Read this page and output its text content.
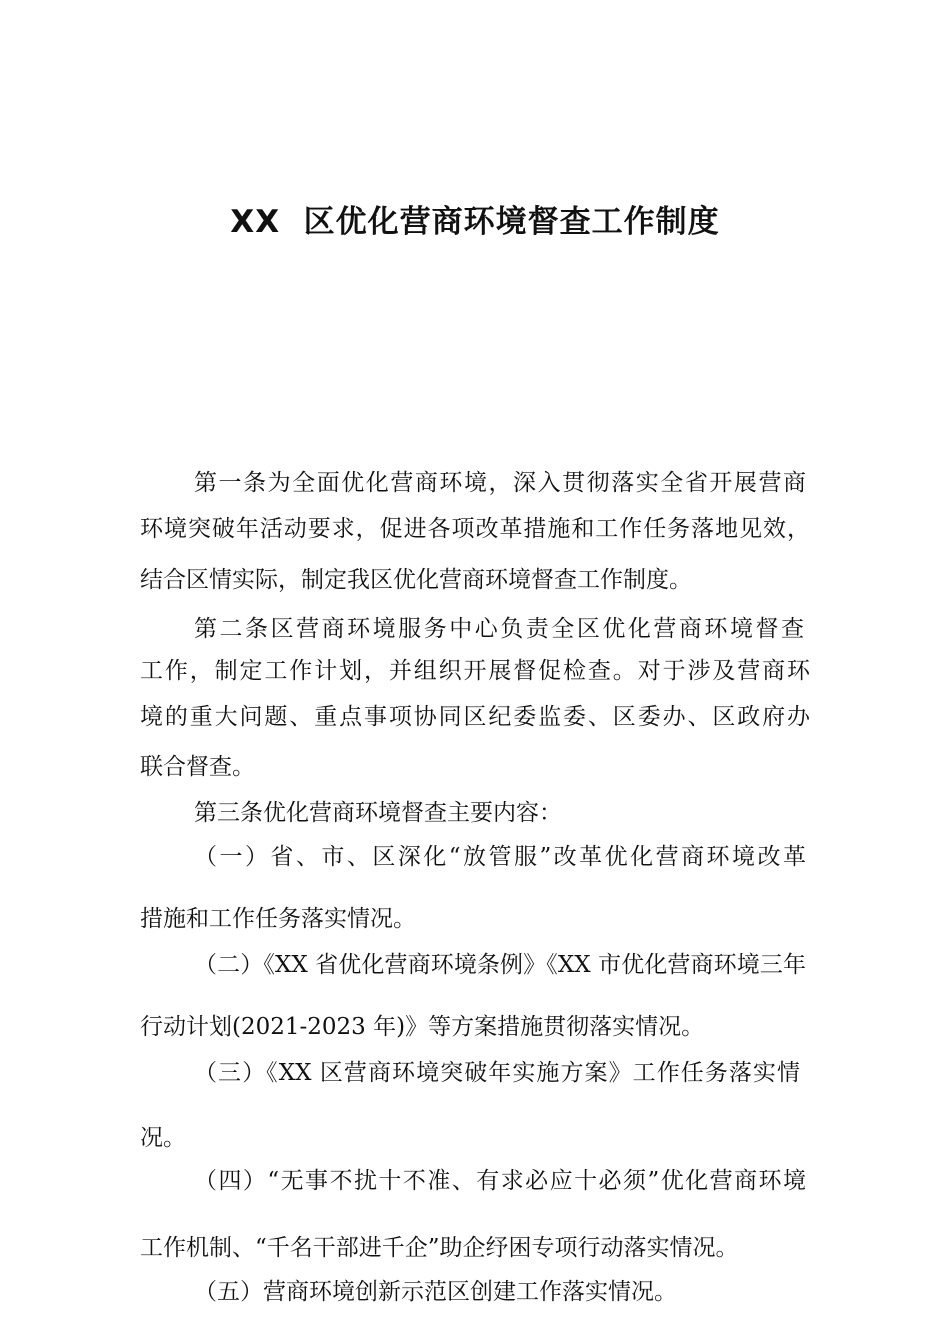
XX  区优化营商环境督查工作制度
第一条为全面优化营商环境，深入贯彻落实全省开展营商
环境突破年活动要求，促进各项改革措施和工作任务落地见效，
结合区情实际，制定我区优化营商环境督查工作制度。
第二条区营商环境服务中心负责全区优化营商环境督查
工作，制定工作计划，并组织开展督促检查。对于涉及营商环
境的重大问题、重点事项协同区纪委监委、区委办、区政府办
联合督查。
第三条优化营商环境督查主要内容：
（一）省、市、区深化“放管服”改革优化营商环境改革
措施和工作任务落实情况。
（二）《XX 省优化营商环境条例》《XX 市优化营商环境三年
行动计划(2021-2023 年)》等方案措施贯彻落实情况。
（三）《XX 区营商环境突破年实施方案》工作任务落实情
况。
（四）“无事不扰十不准、有求必应十必须”优化营商环境
工作机制、“千名干部进千企”助企纾困专项行动落实情况。
（五）营商环境创新示范区创建工作落实情况。
